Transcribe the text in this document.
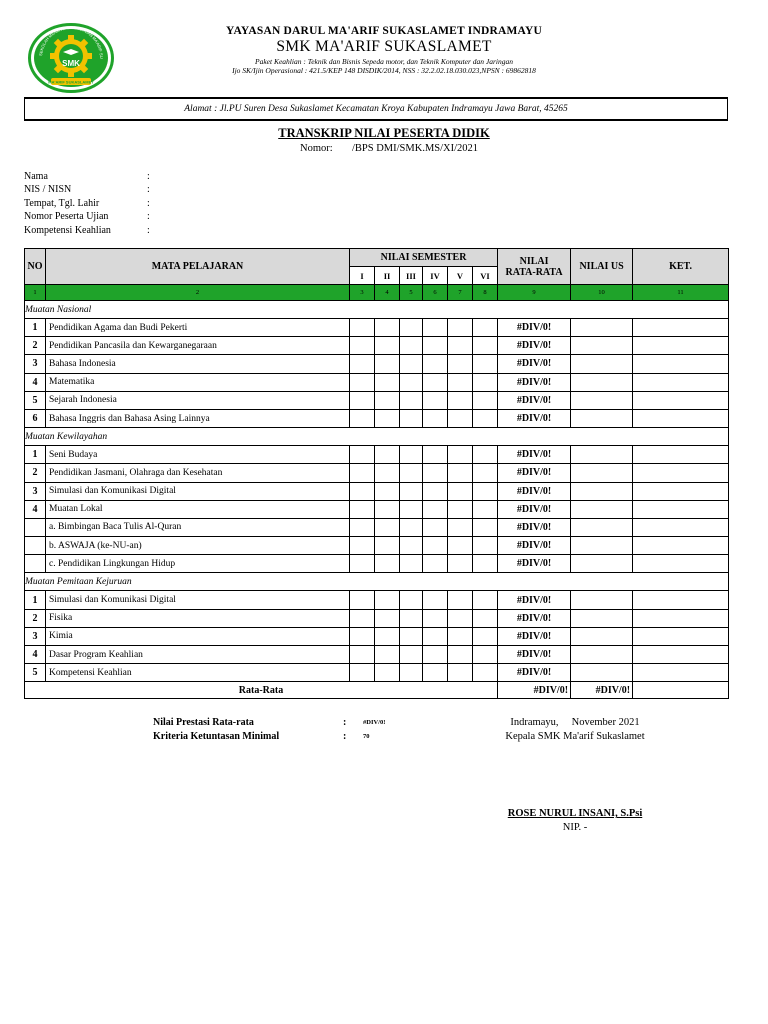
SMK
SEKOLAH MENENGAH KEJURUAN MA'ARIF SU
MA'ARIF SUKASLAMET
YAYASAN DARUL MA'ARIF SUKASLAMET INDRAMAYU
SMK MA'ARIF SUKASLAMET
Paket Keahlian : Teknik dan Bisnis Sepeda motor, dan Teknik Komputer dan Jaringan
Ijo SK/Ijin Operasional : 421.5/KEP 148 DISDIK/2014, NSS : 32.2.02.18.030.023,NPSN : 69862818
Alamat : Jl.PU Suren Desa Sukaslamet Kecamatan Kroya Kabupaten Indramayu Jawa Barat, 45265
TRANSKRIP NILAI PESERTA DIDIK
Nomor: /BPS DMI/SMK.MS/XI/2021
Nama	:
NIS / NISN	:
Tempat, Tgl. Lahir	:
Nomor Peserta Ujian	:
Kompetensi Keahlian	:
NO	MATA PELAJARAN	NILAI SEMESTER						NILAI
RATA-RATA	NILAI US	KET.
		I	II	III	IV	V	VI			
1	2	3	4	5	6	7	8	9	10	11
Muatan Nasional										
1	Pendidikan Agama dan Budi Pekerti							#DIV/0!		
2	Pendidikan Pancasila dan Kewarganegaraan							#DIV/0!		
3	Bahasa Indonesia							#DIV/0!		
4	Matematika							#DIV/0!		
5	Sejarah Indonesia							#DIV/0!		
6	Bahasa Inggris dan Bahasa Asing Lainnya							#DIV/0!		
Muatan Kewilayahan										
1	Seni Budaya							#DIV/0!		
2	Pendidikan Jasmani, Olahraga dan Kesehatan							#DIV/0!		
3	Simulasi dan Komunikasi Digital							#DIV/0!		
4	Muatan Lokal							#DIV/0!		
	a. Bimbingan Baca Tulis Al-Quran							#DIV/0!		
	b. ASWAJA (ke-NU-an)							#DIV/0!		
	c. Pendidikan Lingkungan Hidup							#DIV/0!		
Muatan Pemitaan Kejuruan										
1	Simulasi dan Komunikasi Digital							#DIV/0!		
2	Fisika							#DIV/0!		
3	Kimia							#DIV/0!		
4	Dasar Program Keahlian							#DIV/0!		
5	Kompetensi Keahlian							#DIV/0!		
Rata-Rata								#DIV/0!	#DIV/0!	
Nilai Prestasi Rata-rata	:	#DIV/0!
Kriteria Ketuntasan Minimal	:	70
Indramayu,     November 2021
Kepala SMK Ma'arif Sukaslamet
ROSE NURUL INSANI, S.Psi
NIP. -
